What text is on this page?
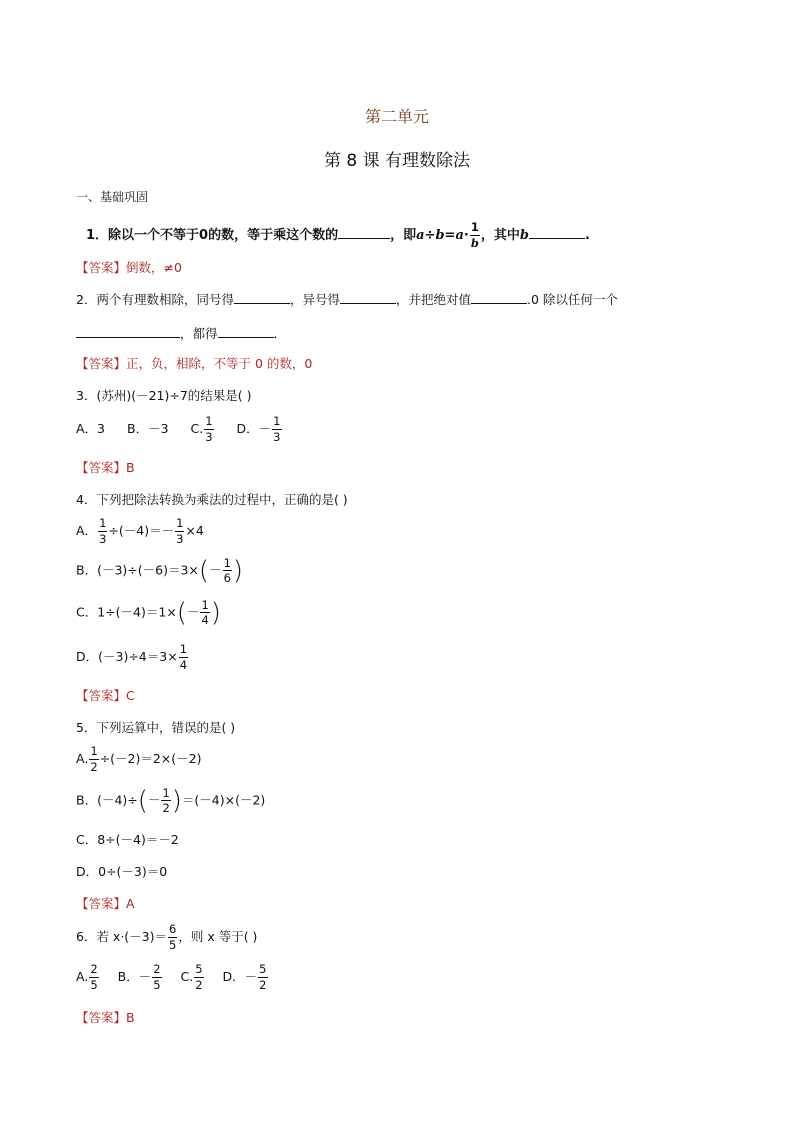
第二单元
第 8 课 有理数除法
一、基础巩固
1．除以一个不等于0的数，等于乘这个数的	，即$a\div b=a\cdot \frac{1}{b}$ ，其中b	.
【答案】倒数，≠0
2．两个有理数相除，同号得	，异号得	，并把绝对值	.0 除以任何一个
，都得	.
【答案】正，负，相除，不等于 0 的数，0
3．(苏州)(－21)÷7的结果是( )
A．3 B．－3 C. $\frac{1}{3}$ D．－ $\frac{1}{3}$
【答案】B
4．下列把除法转换为乘法的过程中，正确的是( )
A． $\frac{1}{3} \div(-4)=- \frac{1}{3} \times 4$
B．$(-3)\div(-6)=3\times(- \frac{1}{6}$ )
C．$1\div(-4)=1\times(- \frac{1}{4}$ )
D．$(-3)\div 4=3\times \frac{1}{4}$
【答案】C
5．下列运算中，错误的是( )
A. $\frac{1}{2} \div(-2)=2\times(-2)$
B．$(-4)\div(- \frac{1}{2} )=(-4)\times(-2)$
C．8÷(－4)＝－2
D．0÷(－3)＝0
【答案】A
6．若 $x\cdot(-3)= \frac{6}{5}$ ，则 x 等于( )
A. $\frac{2}{5}$ B．－ $\frac{2}{5} C$. $\frac{5}{2}$ D．－ $\frac{5}{2}$
【答案】B
